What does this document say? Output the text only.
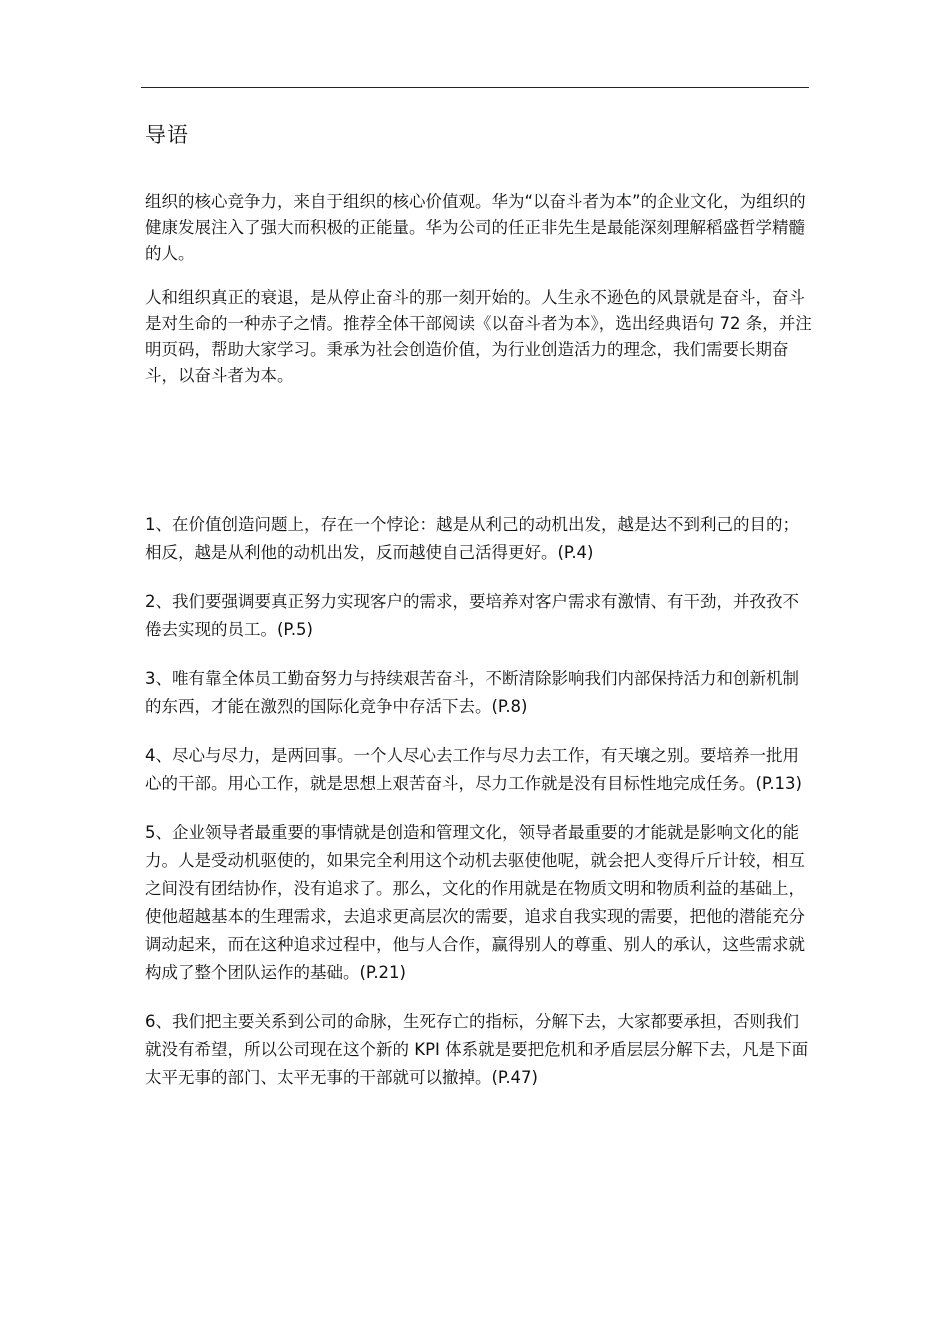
导语

组织的核心竞争力，来自于组织的核心价值观。华为“以奋斗者为本”的企业文化，为组织的健康发展注入了强大而积极的正能量。华为公司的任正非先生是最能深刻理解稻盛哲学精髓的人。

人和组织真正的衰退，是从停止奋斗的那一刻开始的。人生永不逊色的风景就是奋斗，奋斗是对生命的一种赤子之情。推荐全体干部阅读《以奋斗者为本》，选出经典语句 72 条，并注明页码，帮助大家学习。秉承为社会创造价值，为行业创造活力的理念，我们需要长期奋斗，以奋斗者为本。

1、在价值创造问题上，存在一个悖论：越是从利己的动机出发，越是达不到利己的目的；相反，越是从利他的动机出发，反而越使自己活得更好。(P.4)
2、我们要强调要真正努力实现客户的需求，要培养对客户需求有激情、有干劲，并孜孜不倦去实现的员工。(P.5)
3、唯有靠全体员工勤奋努力与持续艰苦奋斗，不断清除影响我们内部保持活力和创新机制的东西，才能在激烈的国际化竞争中存活下去。(P.8)
4、尽心与尽力，是两回事。一个人尽心去工作与尽力去工作，有天壤之别。要培养一批用心的干部。用心工作，就是思想上艰苦奋斗，尽力工作就是没有目标性地完成任务。(P.13)
5、企业领导者最重要的事情就是创造和管理文化，领导者最重要的才能就是影响文化的能力。人是受动机驱使的，如果完全利用这个动机去驱使他呢，就会把人变得斤斤计较，相互之间没有团结协作，没有追求了。那么，文化的作用就是在物质文明和物质利益的基础上，使他超越基本的生理需求，去追求更高层次的需要，追求自我实现的需要，把他的潜能充分调动起来，而在这种追求过程中，他与人合作，赢得别人的尊重、别人的承认，这些需求就构成了整个团队运作的基础。(P.21)
6、我们把主要关系到公司的命脉，生死存亡的指标，分解下去，大家都要承担，否则我们就没有希望，所以公司现在这个新的 KPI 体系就是要把危机和矛盾层层分解下去，凡是下面太平无事的部门、太平无事的干部就可以撤掉。(P.47)
